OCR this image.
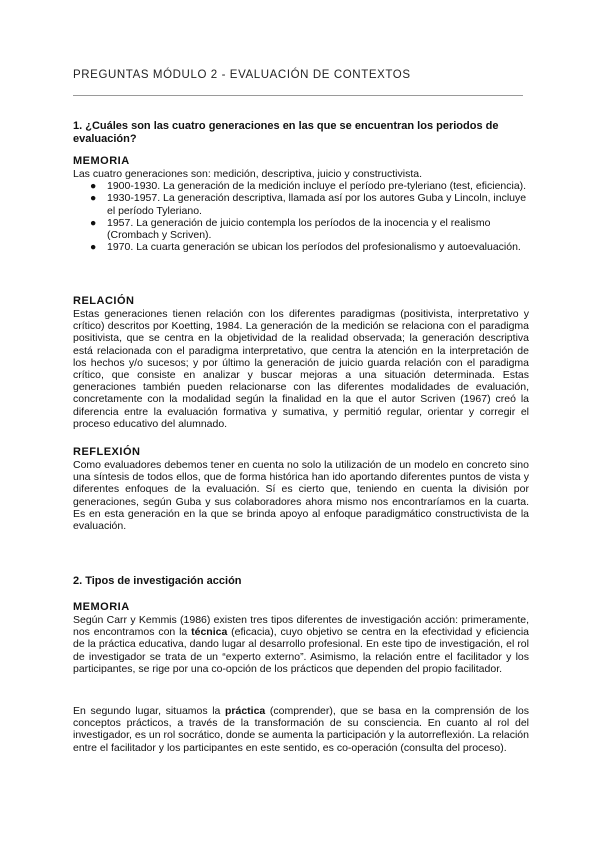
PREGUNTAS MÓDULO 2 - EVALUACIÓN DE CONTEXTOS
1. ¿Cuáles son las cuatro generaciones en las que se encuentran los periodos de evaluación?
MEMORIA
Las cuatro generaciones son: medición, descriptiva, juicio y constructivista.
● 1900-1930. La generación de la medición incluye el período pre-tyleriano (test, eficiencia).
● 1930-1957. La generación descriptiva, llamada así por los autores Guba y Lincoln, incluye el período Tyleriano.
● 1957. La generación de juicio contempla los períodos de la inocencia y el realismo (Crombach y Scriven).
● 1970. La cuarta generación se ubican los períodos del profesionalismo y autoevaluación.
RELACIÓN
Estas generaciones tienen relación con los diferentes paradigmas (positivista, interpretativo y crítico) descritos por Koetting, 1984. La generación de la medición se relaciona con el paradigma positivista, que se centra en la objetividad de la realidad observada; la generación descriptiva está relacionada con el paradigma interpretativo, que centra la atención en la interpretación de los hechos y/o sucesos; y por último la generación de juicio guarda relación con el paradigma crítico, que consiste en analizar y buscar mejoras a una situación determinada. Estas generaciones también pueden relacionarse con las diferentes modalidades de evaluación, concretamente con la modalidad según la finalidad en la que el autor Scriven (1967) creó la diferencia entre la evaluación formativa y sumativa, y permitió regular, orientar y corregir el proceso educativo del alumnado.
REFLEXIÓN
Como evaluadores debemos tener en cuenta no solo la utilización de un modelo en concreto sino una síntesis de todos ellos, que de forma histórica han ido aportando diferentes puntos de vista y diferentes enfoques de la evaluación. Sí es cierto que, teniendo en cuenta la división por generaciones, según Guba y sus colaboradores ahora mismo nos encontraríamos en la cuarta. Es en esta generación en la que se brinda apoyo al enfoque paradigmático constructivista de la evaluación.
2. Tipos de investigación acción
MEMORIA
Según Carr y Kemmis (1986) existen tres tipos diferentes de investigación acción: primeramente, nos encontramos con la técnica (eficacia), cuyo objetivo se centra en la efectividad y eficiencia de la práctica educativa, dando lugar al desarrollo profesional. En este tipo de investigación, el rol de investigador se trata de un “experto externo”. Asimismo, la relación entre el facilitador y los participantes, se rige por una co-opción de los prácticos que dependen del propio facilitador.
En segundo lugar, situamos la práctica (comprender), que se basa en la comprensión de los conceptos prácticos, a través de la transformación de su consciencia. En cuanto al rol del investigador, es un rol socrático, donde se aumenta la participación y la autorreflexión. La relación entre el facilitador y los participantes en este sentido, es co-operación (consulta del proceso).
